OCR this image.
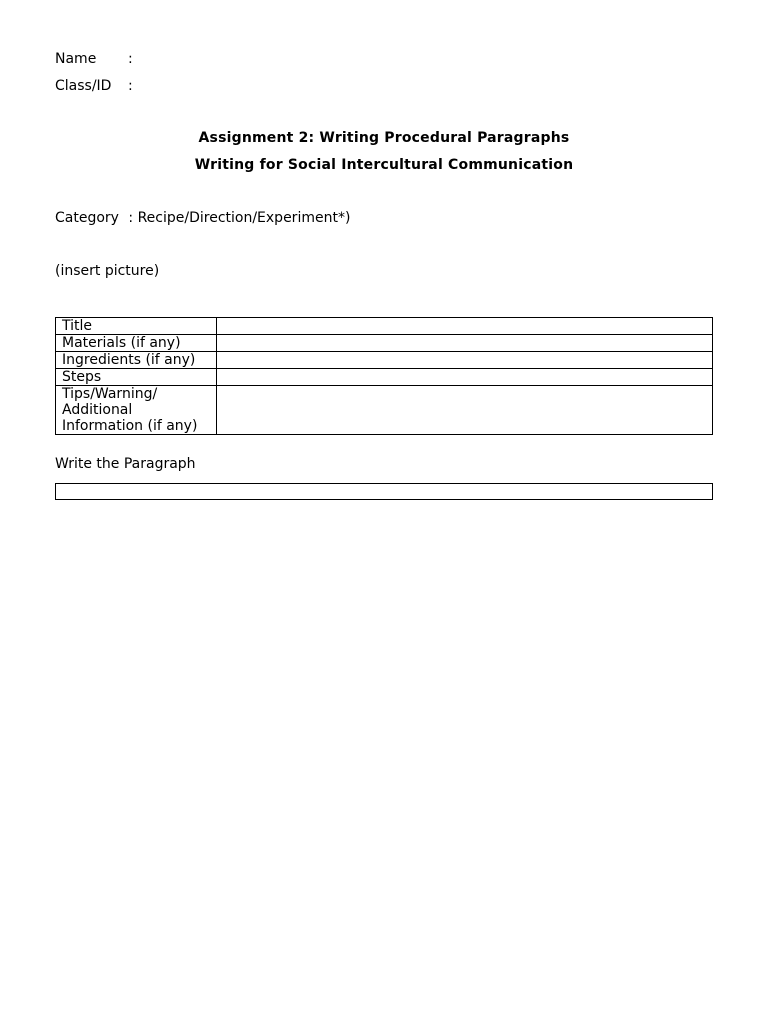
Name	:
Class/ID	:
Assignment 2: Writing Procedural Paragraphs
Writing for Social Intercultural Communication
Category : Recipe/Direction/Experiment*)
(insert picture)
Title	
Materials (if any)	
Ingredients (if any)	
Steps	
Tips/Warning/ Additional Information (if any)	
Write the Paragraph
